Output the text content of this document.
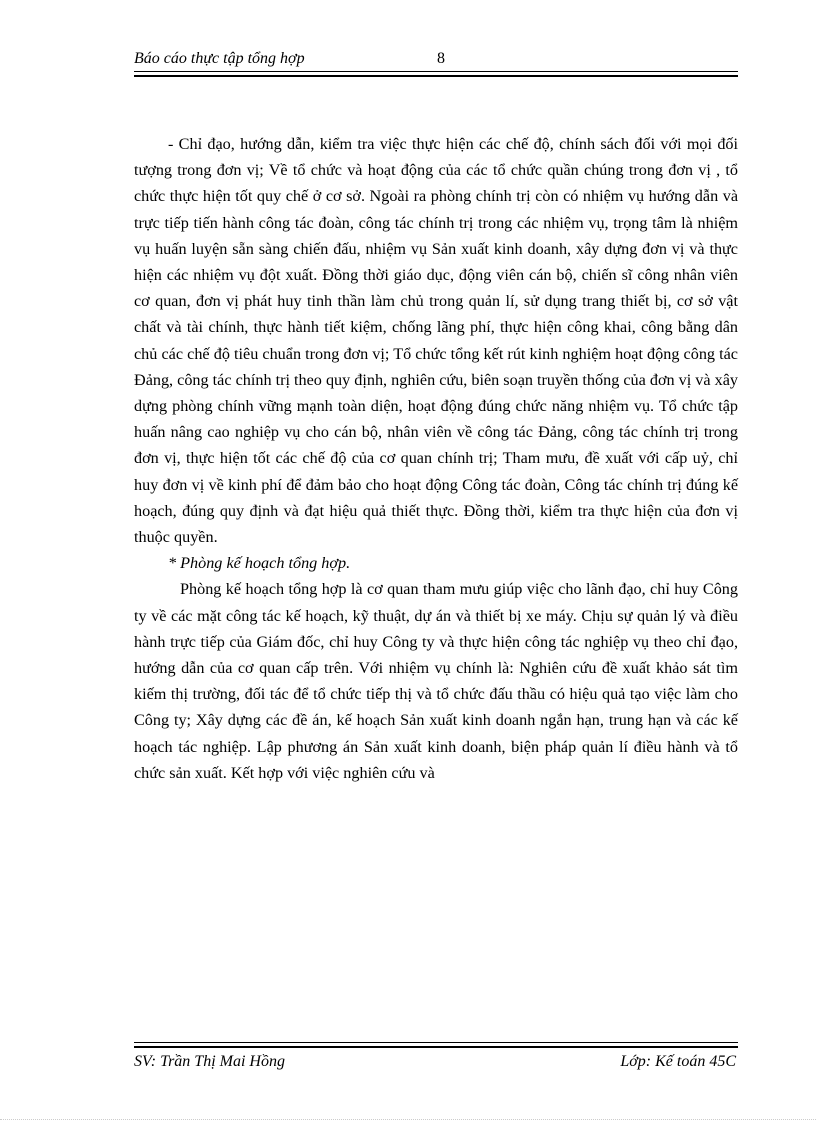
Báo cáo thực tập tổng hợp	8

- Chỉ đạo, hướng dẫn, kiểm tra việc thực hiện các chế độ, chính sách đối với mọi đối tượng trong đơn vị; Về tổ chức và hoạt động của các tổ chức quần chúng trong đơn vị , tổ chức thực hiện tốt quy chế ở cơ sở. Ngoài ra phòng chính trị còn có nhiệm vụ hướng dẫn và trực tiếp tiến hành công tác đoàn, công tác chính trị trong các nhiệm vụ, trọng tâm là nhiệm vụ huấn luyện sẵn sàng chiến đấu, nhiệm vụ Sản xuất kinh doanh, xây dựng đơn vị và thực hiện các nhiệm vụ đột xuất. Đồng thời giáo dục, động viên cán bộ, chiến sĩ công nhân viên cơ quan, đơn vị phát huy tinh thần làm chủ trong quản lí, sử dụng trang thiết bị, cơ sở vật chất và tài chính, thực hành tiết kiệm, chống lãng phí, thực hiện công khai, công bằng dân chủ các chế độ tiêu chuẩn trong đơn vị; Tổ chức tổng kết rút kinh nghiệm hoạt động công tác Đảng, công tác chính trị theo quy định, nghiên cứu, biên soạn truyền thống của đơn vị và xây dựng phòng chính vững mạnh toàn diện, hoạt động đúng chức năng nhiệm vụ. Tổ chức tập huấn nâng cao nghiệp vụ cho cán bộ, nhân viên về công tác Đảng, công tác chính trị trong đơn vị, thực hiện tốt các chế độ của cơ quan chính trị; Tham mưu, đề xuất với cấp uỷ, chỉ huy đơn vị về kinh phí để đảm bảo cho hoạt động Công tác đoàn, Công tác chính trị đúng kế hoạch, đúng quy định và đạt hiệu quả thiết thực. Đồng thời, kiểm tra thực hiện của đơn vị thuộc quyền.

* Phòng kế hoạch tổng hợp.

Phòng kế hoạch tổng hợp là cơ quan tham mưu giúp việc cho lãnh đạo, chỉ huy Công ty về các mặt công tác kế hoạch, kỹ thuật, dự án và thiết bị xe máy. Chịu sự quản lý và điều hành trực tiếp của Giám đốc, chỉ huy Công ty và thực hiện công tác nghiệp vụ theo chỉ đạo, hướng dẫn của cơ quan cấp trên. Với nhiệm vụ chính là: Nghiên cứu đề xuất khảo sát tìm kiếm thị trường, đối tác để tổ chức tiếp thị và tổ chức đấu thầu có hiệu quả tạo việc làm cho Công ty; Xây dựng các đề án, kế hoạch Sản xuất kinh doanh ngắn hạn, trung hạn và các kế hoạch tác nghiệp. Lập phương án Sản xuất kinh doanh, biện pháp quản lí điều hành và tổ chức sản xuất. Kết hợp với việc nghiên cứu và

SV: Trần Thị Mai Hồng	Lớp: Kế toán 45C
